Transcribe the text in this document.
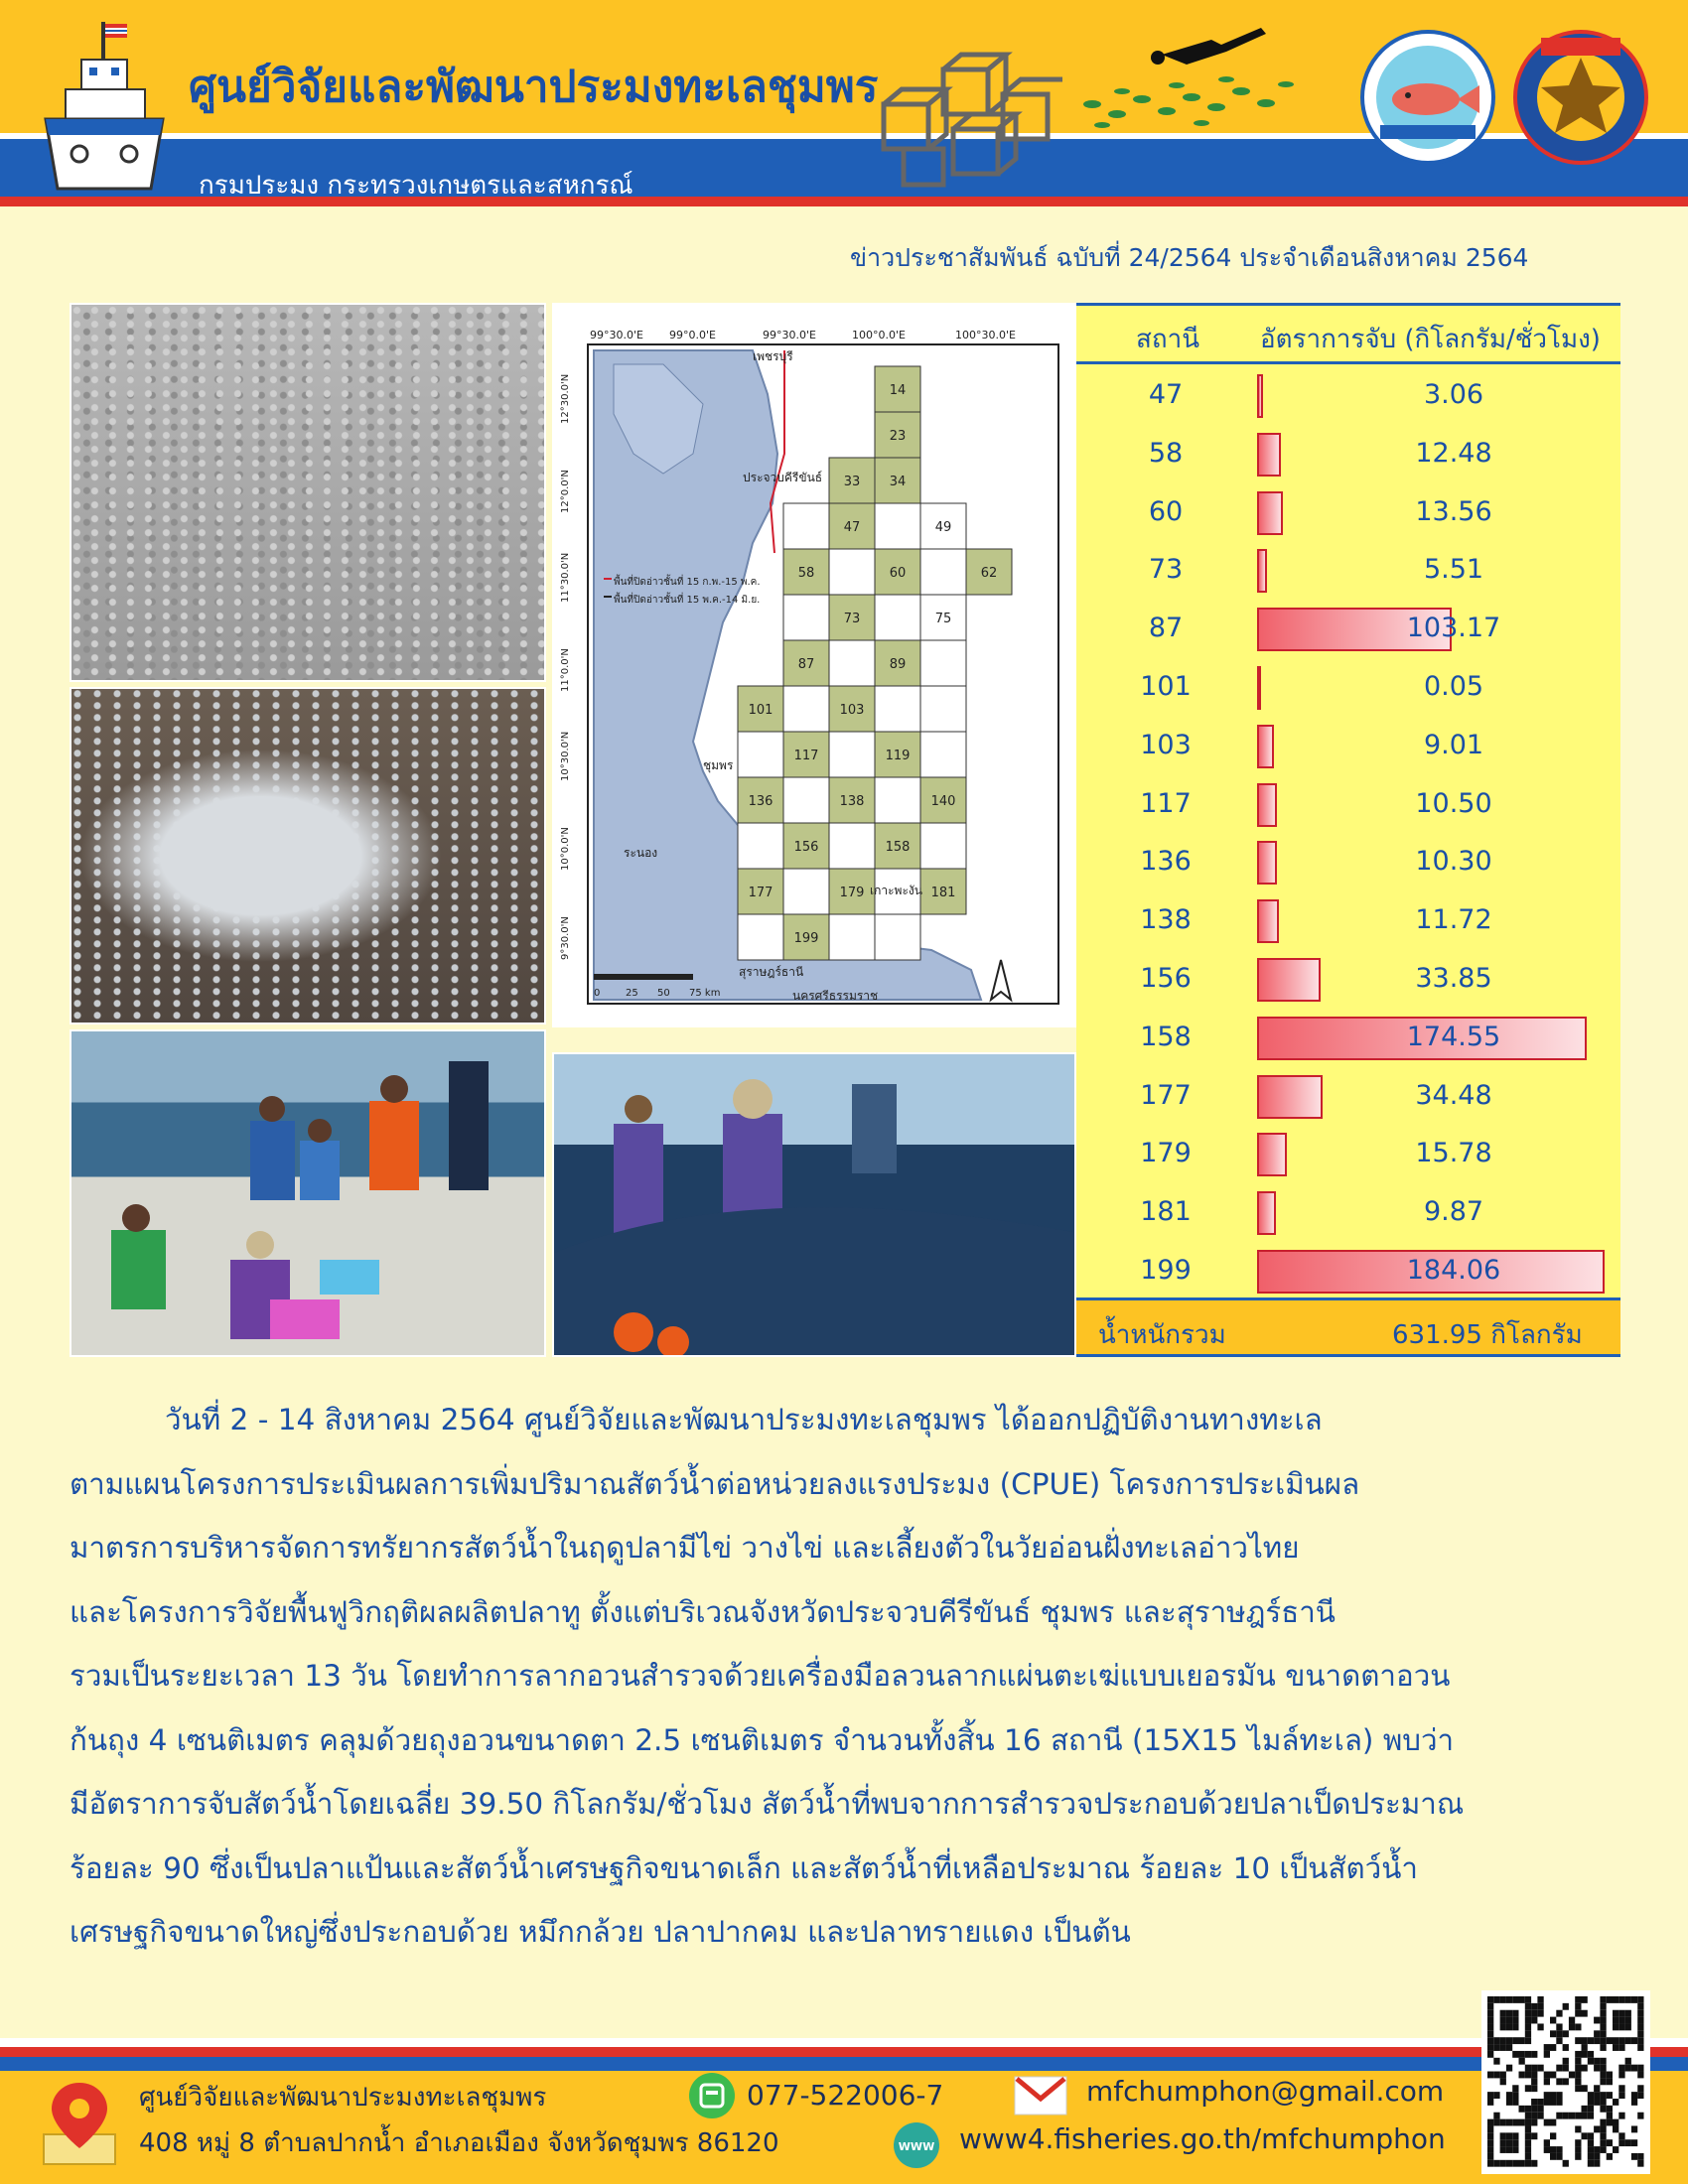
ศูนย์วิจัยและพัฒนาประมงทะเลชุมพร
กรมประมง กระทรวงเกษตรและสหกรณ์
ข่าวประชาสัมพันธ์ ฉบับที่ 24/2564 ประจำเดือนสิงหาคม 2564
14
23
33 34
47	49
58	60	62
73	75
87	89
101	103
117	119
136	138	140
156	158
177	179	181
199
99°30.0'E 99°0.0'E	99°30.0'E	100°0.0'E	100°30.0'E
เพชรบุรี
ประจวบคีรีขันธ์
ชุมพร
ระนอง
เกาะพะงัน
สุราษฎร์ธานี
นครศรีธรรมราช
พื้นที่ปิดอ่าวชั้นที่ 15 ก.พ.-15 พ.ค.
พื้นที่ปิดอ่าวชั้นที่ 15 พ.ค.-14 มิ.ย.
0	25 50 75 km
12°30.0'N
12°0.0'N
11°30.0'N
11°0.0'N
10°30.0'N
10°0.0'N
9°30.0'N
สถานี อัตราการจับ (กิโลกรัม/ชั่วโมง)
47	3.06
58	12.48
60	13.56
73	5.51
87	103.17
101	0.05
103	9.01
117	10.50
136	10.30
138	11.72
156	33.85
158	174.55
177	34.48
179	15.78
181	9.87
199	184.06
น้ำหนักรวม	631.95 กิโลกรัม
วันที่ 2 - 14 สิงหาคม 2564 ศูนย์วิจัยและพัฒนาประมงทะเลชุมพร ได้ออกปฏิบัติงานทางทะเล
ตามแผนโครงการประเมินผลการเพิ่มปริมาณสัตว์น้ำต่อหน่วยลงแรงประมง (CPUE) โครงการประเมินผล
มาตรการบริหารจัดการทรัยากรสัตว์น้ำในฤดูปลามีไข่ วางไข่ และเลี้ยงตัวในวัยอ่อนฝั่งทะเลอ่าวไทย
และโครงการวิจัยพื้นฟูวิกฤติผลผลิตปลาทู ตั้งแต่บริเวณจังหวัดประจวบคีรีขันธ์ ชุมพร และสุราษฎร์ธานี
รวมเป็นระยะเวลา 13 วัน โดยทำการลากอวนสำรวจด้วยเครื่องมือลวนลากแผ่นตะเฆ่แบบเยอรมัน ขนาดตาอวน
ก้นถุง 4 เซนติเมตร คลุมด้วยถุงอวนขนาดตา 2.5 เซนติเมตร จำนวนทั้งสิ้น 16 สถานี (15X15 ไมล์ทะเล) พบว่า
มีอัตราการจับสัตว์น้ำโดยเฉลี่ย 39.50 กิโลกรัม/ชั่วโมง สัตว์น้ำที่พบจากการสำรวจประกอบด้วยปลาเป็ดประมาณ
ร้อยละ 90 ซึ่งเป็นปลาแป้นและสัตว์น้ำเศรษฐกิจขนาดเล็ก และสัตว์น้ำที่เหลือประมาณ ร้อยละ 10 เป็นสัตว์น้ำ
เศรษฐกิจขนาดใหญ่ซึ่งประกอบด้วย หมึกกล้วย ปลาปากคม และปลาทรายแดง เป็นต้น
ศูนย์วิจัยและพัฒนาประมงทะเลชุมพร
408 หมู่ 8 ตำบลปากน้ำ อำเภอเมือง จังหวัดชุมพร 86120
077-522006-7	mfchumphon@gmail.com
WWW www4.fisheries.go.th/mfchumphon
